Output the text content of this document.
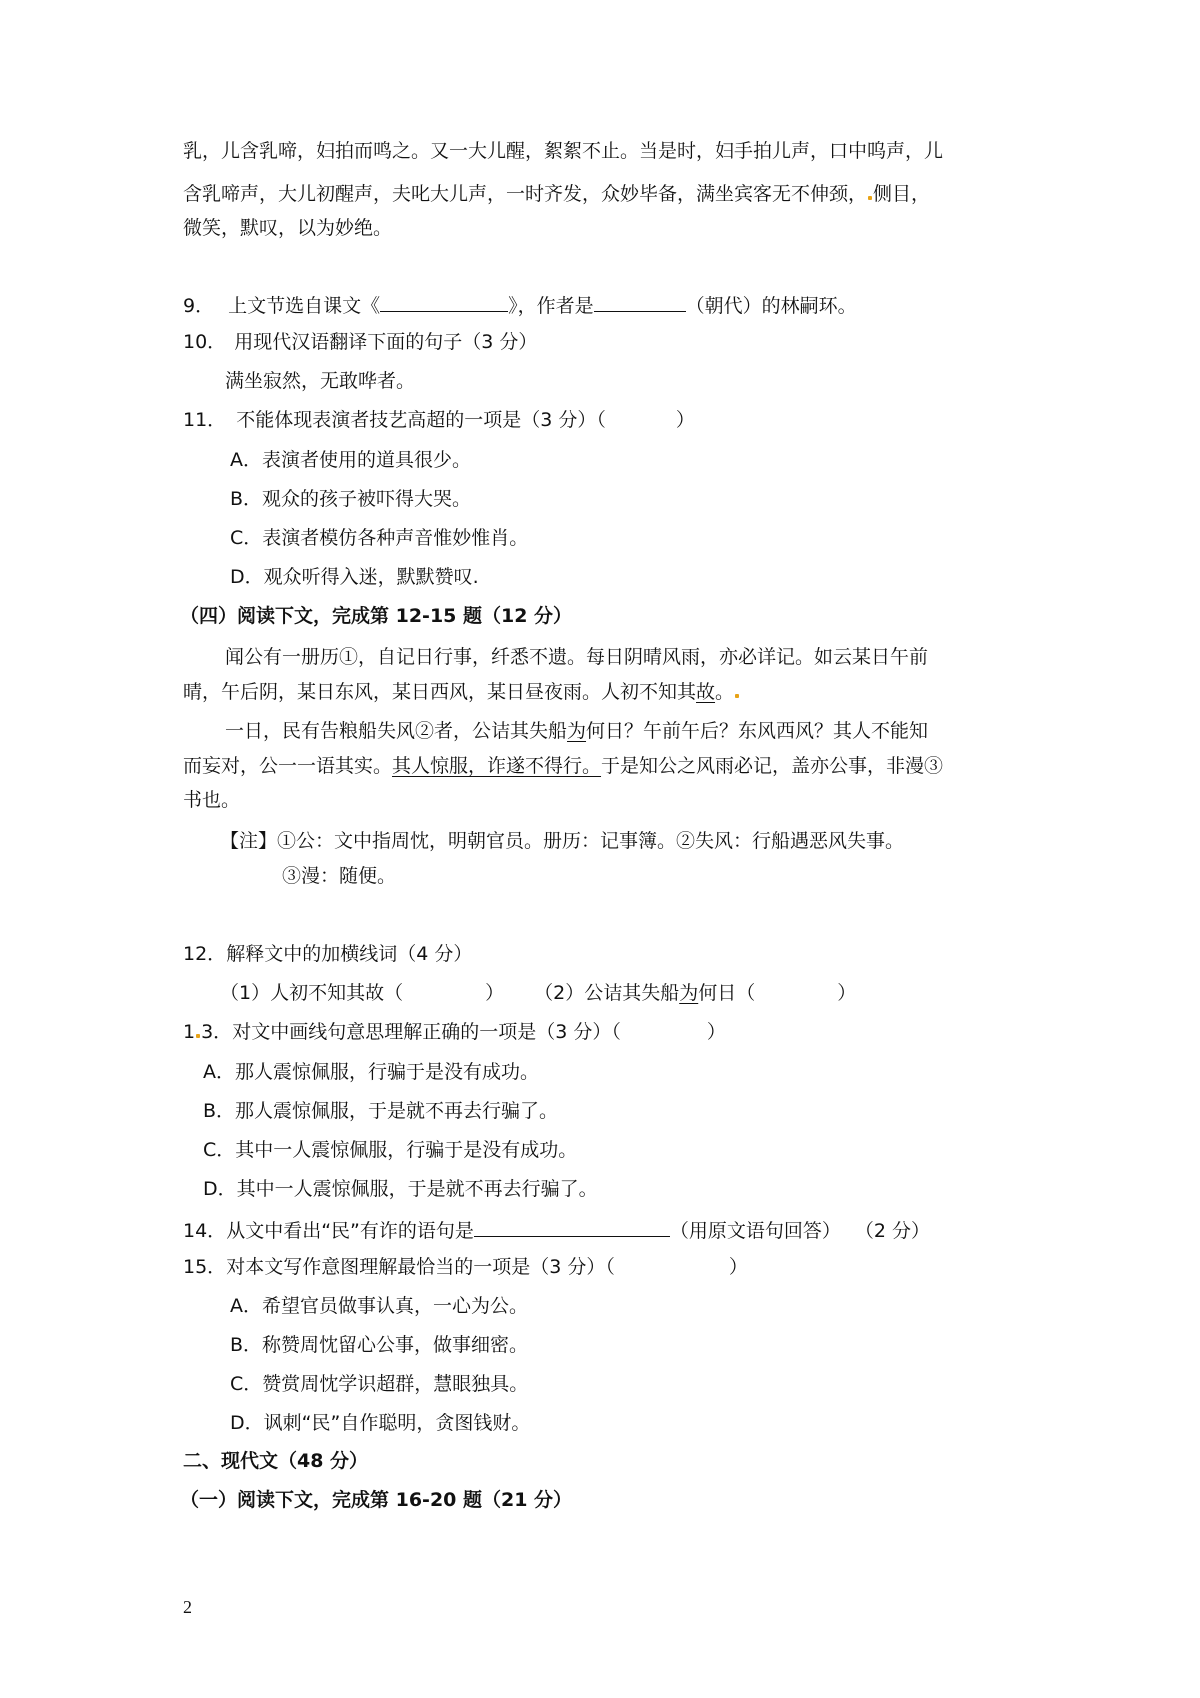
乳，儿含乳啼，妇拍而鸣之。又一大儿醒，絮絮不止。当是时，妇手拍儿声，口中呜声，儿
含乳啼声，大儿初醒声，夫叱大儿声，一时齐发，众妙毕备，满坐宾客无不伸颈， 侧目，
微笑，默叹，以为妙绝。
9． 上文节选自课文《	》，作者是	（朝代）的林嗣环。
10． 用现代汉语翻译下面的句子（3 分）
满坐寂然，无敢哗者。
11． 不能体现表演者技艺高超的一项是（3 分）（	）
A．表演者使用的道具很少。
B．观众的孩子被吓得大哭。
C．表演者模仿各种声音惟妙惟肖。
D．观众听得入迷，默默赞叹.
（四）阅读下文，完成第 12-15 题（12 分）
闻公有一册历①，自记日行事，纤悉不遗。每日阴晴风雨，亦必详记。如云某日午前
晴，午后阴，某日东风，某日西风，某日昼夜雨。人初不知其故。
一日，民有告粮船失风②者，公诘其失船为何日？午前午后？东风西风？其人不能知
而妄对，公一一语其实。其人惊服，诈遂不得行。于是知公之风雨必记，盖亦公事，非漫③
书也。
【注】①公：文中指周忱，明朝官员。册历：记事簿。②失风：行船遇恶风失事。
③漫：随便。
12．解释文中的加横线词（4 分）
（1）人初不知其故（	） （2）公诘其失船为何日（	）
1 3．对文中画线句意思理解正确的一项是（3 分）（	）
A．那人震惊佩服，行骗于是没有成功。
B．那人震惊佩服，于是就不再去行骗了。
C．其中一人震惊佩服，行骗于是没有成功。
D．其中一人震惊佩服，于是就不再去行骗了。
14．从文中看出“民”有诈的语句是	（用原文语句回答） （2 分）
15．对本文写作意图理解最恰当的一项是（3 分）（	）
A．希望官员做事认真，一心为公。
B．称赞周忱留心公事，做事细密。
C．赞赏周忱学识超群，慧眼独具。
D．讽刺“民”自作聪明，贪图钱财。
二、现代文（48 分）
（一）阅读下文，完成第 16-20 题（21 分）
2
